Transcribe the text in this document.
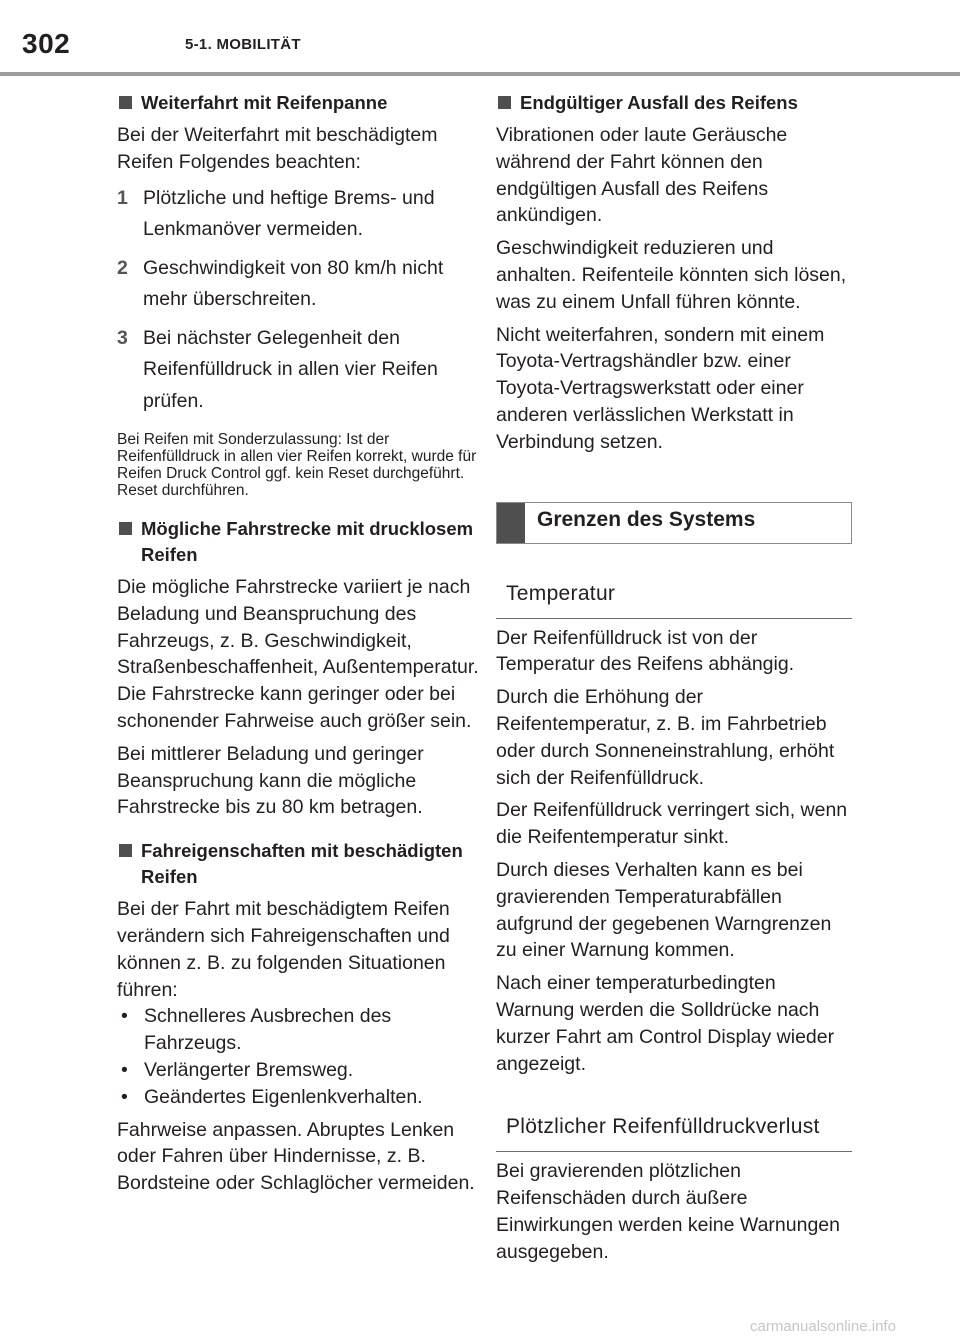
302	5-1. MOBILITÄT
Weiterfahrt mit Reifenpanne
Bei der Weiterfahrt mit beschädigtem Reifen Folgendes beachten:
1 Plötzliche und heftige Brems- und Lenkmanöver vermeiden.
2 Geschwindigkeit von 80 km/h nicht mehr überschreiten.
3 Bei nächster Gelegenheit den Reifenfülldruck in allen vier Reifen prüfen.
Bei Reifen mit Sonderzulassung: Ist der Reifenfülldruck in allen vier Reifen korrekt, wurde für Reifen Druck Control ggf. kein Reset durchgeführt. Reset durchführen.
Mögliche Fahrstrecke mit drucklosem Reifen
Die mögliche Fahrstrecke variiert je nach Beladung und Beanspruchung des Fahrzeugs, z. B. Geschwindigkeit, Straßenbeschaffenheit, Außentemperatur. Die Fahrstrecke kann geringer oder bei schonender Fahrweise auch größer sein.
Bei mittlerer Beladung und geringer Beanspruchung kann die mögliche Fahrstrecke bis zu 80 km betragen.
Fahreigenschaften mit beschädigten Reifen
Bei der Fahrt mit beschädigtem Reifen verändern sich Fahreigenschaften und können z. B. zu folgenden Situationen führen:
• Schnelleres Ausbrechen des Fahrzeugs.
• Verlängerter Bremsweg.
• Geändertes Eigenlenkverhalten.
Fahrweise anpassen. Abruptes Lenken oder Fahren über Hindernisse, z. B. Bordsteine oder Schlaglöcher vermeiden.
Endgültiger Ausfall des Reifens
Vibrationen oder laute Geräusche während der Fahrt können den endgültigen Ausfall des Reifens ankündigen.
Geschwindigkeit reduzieren und anhalten. Reifenteile könnten sich lösen, was zu einem Unfall führen könnte.
Nicht weiterfahren, sondern mit einem Toyota-Vertragshändler bzw. einer Toyota-Vertragswerkstatt oder einer anderen verlässlichen Werkstatt in Verbindung setzen.
Grenzen des Systems
Temperatur
Der Reifenfülldruck ist von der Temperatur des Reifens abhängig.
Durch die Erhöhung der Reifentemperatur, z. B. im Fahrbetrieb oder durch Sonneneinstrahlung, erhöht sich der Reifenfülldruck.
Der Reifenfülldruck verringert sich, wenn die Reifentemperatur sinkt.
Durch dieses Verhalten kann es bei gravierenden Temperaturabfällen aufgrund der gegebenen Warngrenzen zu einer Warnung kommen.
Nach einer temperaturbedingten Warnung werden die Solldrücke nach kurzer Fahrt am Control Display wieder angezeigt.
Plötzlicher Reifenfülldruckverlust
Bei gravierenden plötzlichen Reifenschäden durch äußere Einwirkungen werden keine Warnungen ausgegeben.
carmanualsonline.info
